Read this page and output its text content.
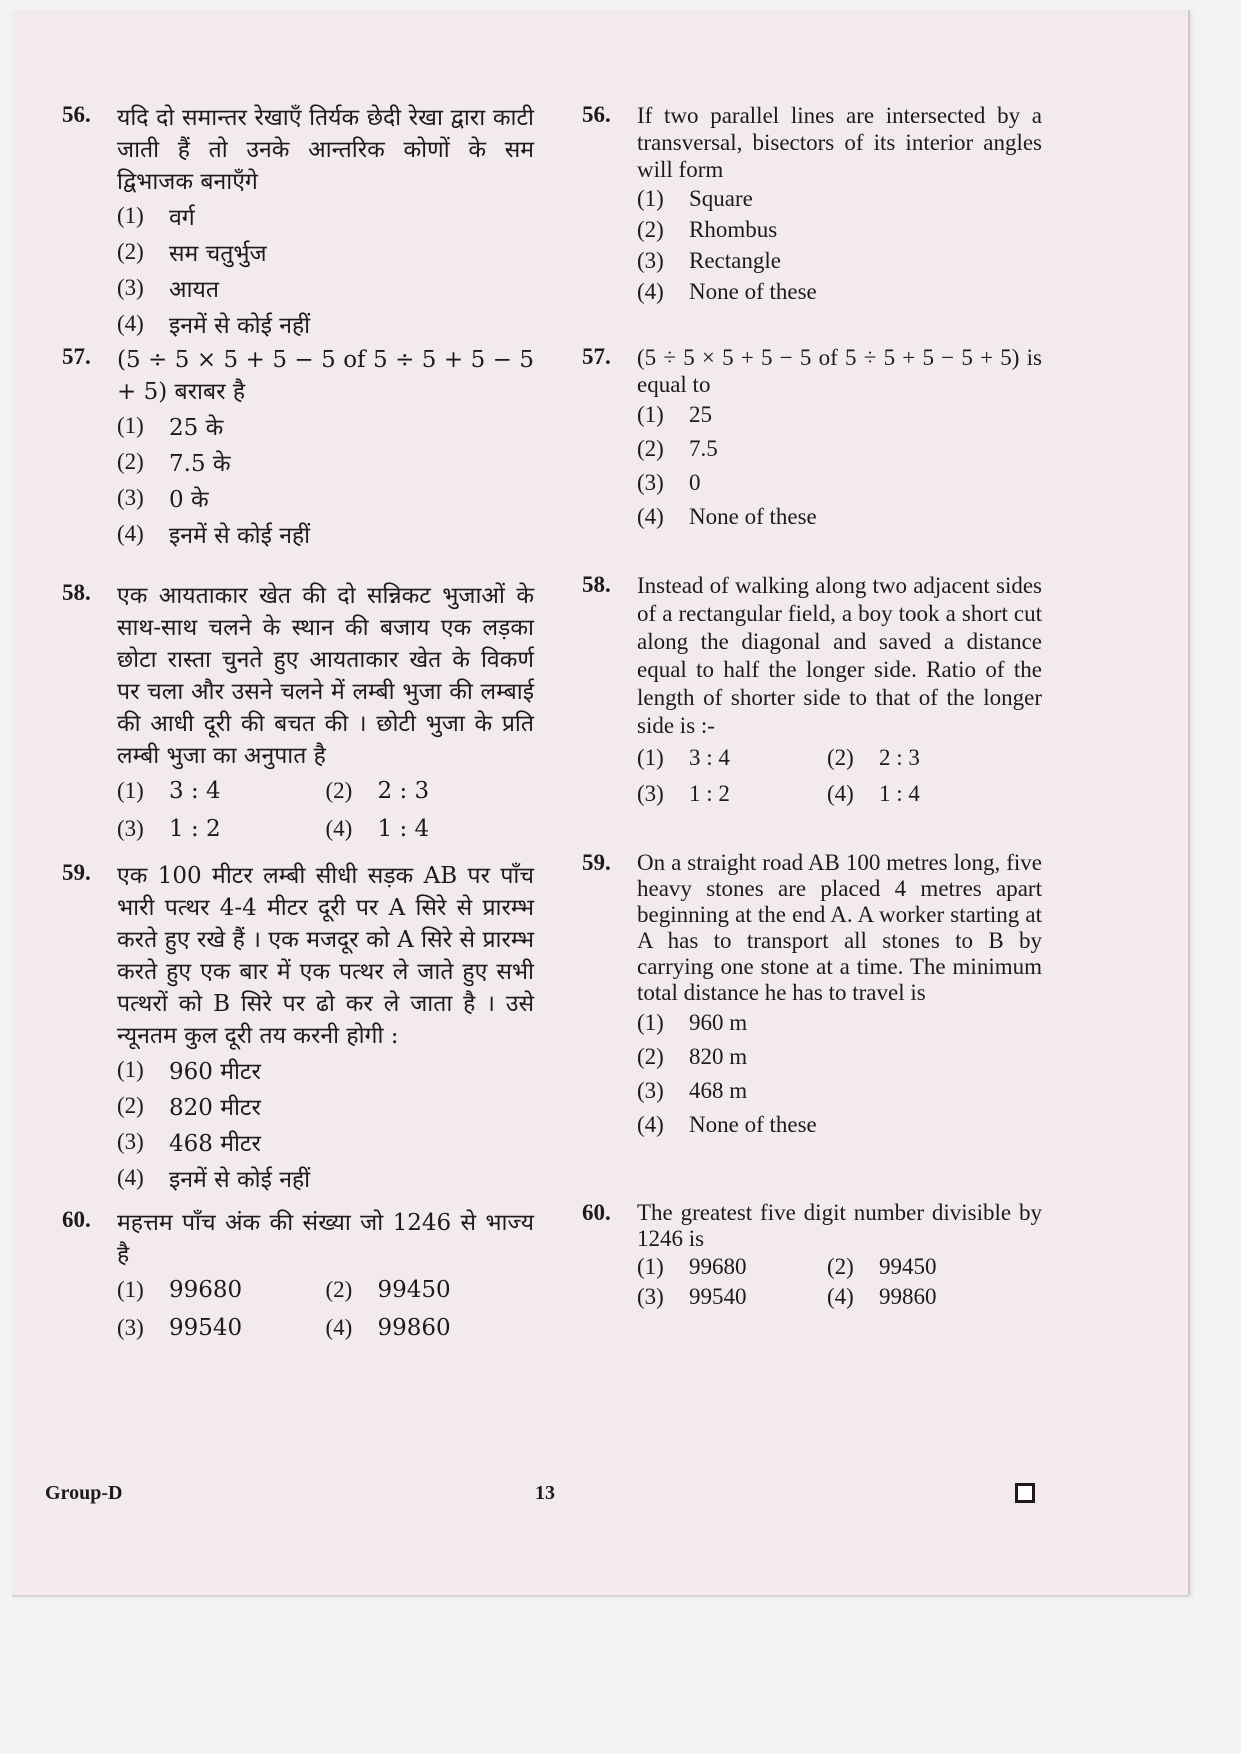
56. यदि दो समान्तर रेखाएँ तिर्यक छेदी रेखा द्वारा काटी जाती हैं तो उनके आन्तरिक कोणों के सम द्विभाजक बनाएँगे
(1)	वर्ग
(2)	सम चतुर्भुज
(3)	आयत
(4)	इनमें से कोई नहीं
57. (5 ÷ 5 × 5 + 5 − 5 of 5 ÷ 5 + 5 − 5 + 5) बराबर है
(1)	25 के
(2)	7.5 के
(3)	0 के
(4)	इनमें से कोई नहीं
58. एक आयताकार खेत की दो सन्निकट भुजाओं के साथ-साथ चलने के स्थान की बजाय एक लड़का छोटा रास्ता चुनते हुए आयताकार खेत के विकर्ण पर चला और उसने चलने में लम्बी भुजा की लम्बाई की आधी दूरी की बचत की । छोटी भुजा के प्रति लम्बी भुजा का अनुपात है
(1)	3 : 4	(2)	2 : 3
(3)	1 : 2	(4)	1 : 4
59. एक 100 मीटर लम्बी सीधी सड़क AB पर पाँच भारी पत्थर 4-4 मीटर दूरी पर A सिरे से प्रारम्भ करते हुए रखे हैं । एक मजदूर को A सिरे से प्रारम्भ करते हुए एक बार में एक पत्थर ले जाते हुए सभी पत्थरों को B सिरे पर ढो कर ले जाता है । उसे न्यूनतम कुल दूरी तय करनी होगी :
(1)	960 मीटर
(2)	820 मीटर
(3)	468 मीटर
(4)	इनमें से कोई नहीं
60. महत्तम पाँच अंक की संख्या जो 1246 से भाज्य है
(1)	99680	(2)	99450
(3)	99540	(4)	99860
56. If two parallel lines are intersected by a transversal, bisectors of its interior angles will form
(1)	Square
(2)	Rhombus
(3)	Rectangle
(4)	None of these
57. (5 ÷ 5 × 5 + 5 − 5 of 5 ÷ 5 + 5 − 5 + 5) is equal to
(1)	25
(2)	7.5
(3)	0
(4)	None of these
58. Instead of walking along two adjacent sides of a rectangular field, a boy took a short cut along the diagonal and saved a distance equal to half the longer side. Ratio of the length of shorter side to that of the longer side is :-
(1)	3 : 4	(2)	2 : 3
(3)	1 : 2	(4)	1 : 4
59. On a straight road AB 100 metres long, five heavy stones are placed 4 metres apart beginning at the end A. A worker starting at A has to transport all stones to B by carrying one stone at a time. The minimum total distance he has to travel is
(1)	960 m
(2)	820 m
(3)	468 m
(4)	None of these
60. The greatest five digit number divisible by 1246 is
(1)	99680	(2)	99450
(3)	99540	(4)	99860
Group-D	13
